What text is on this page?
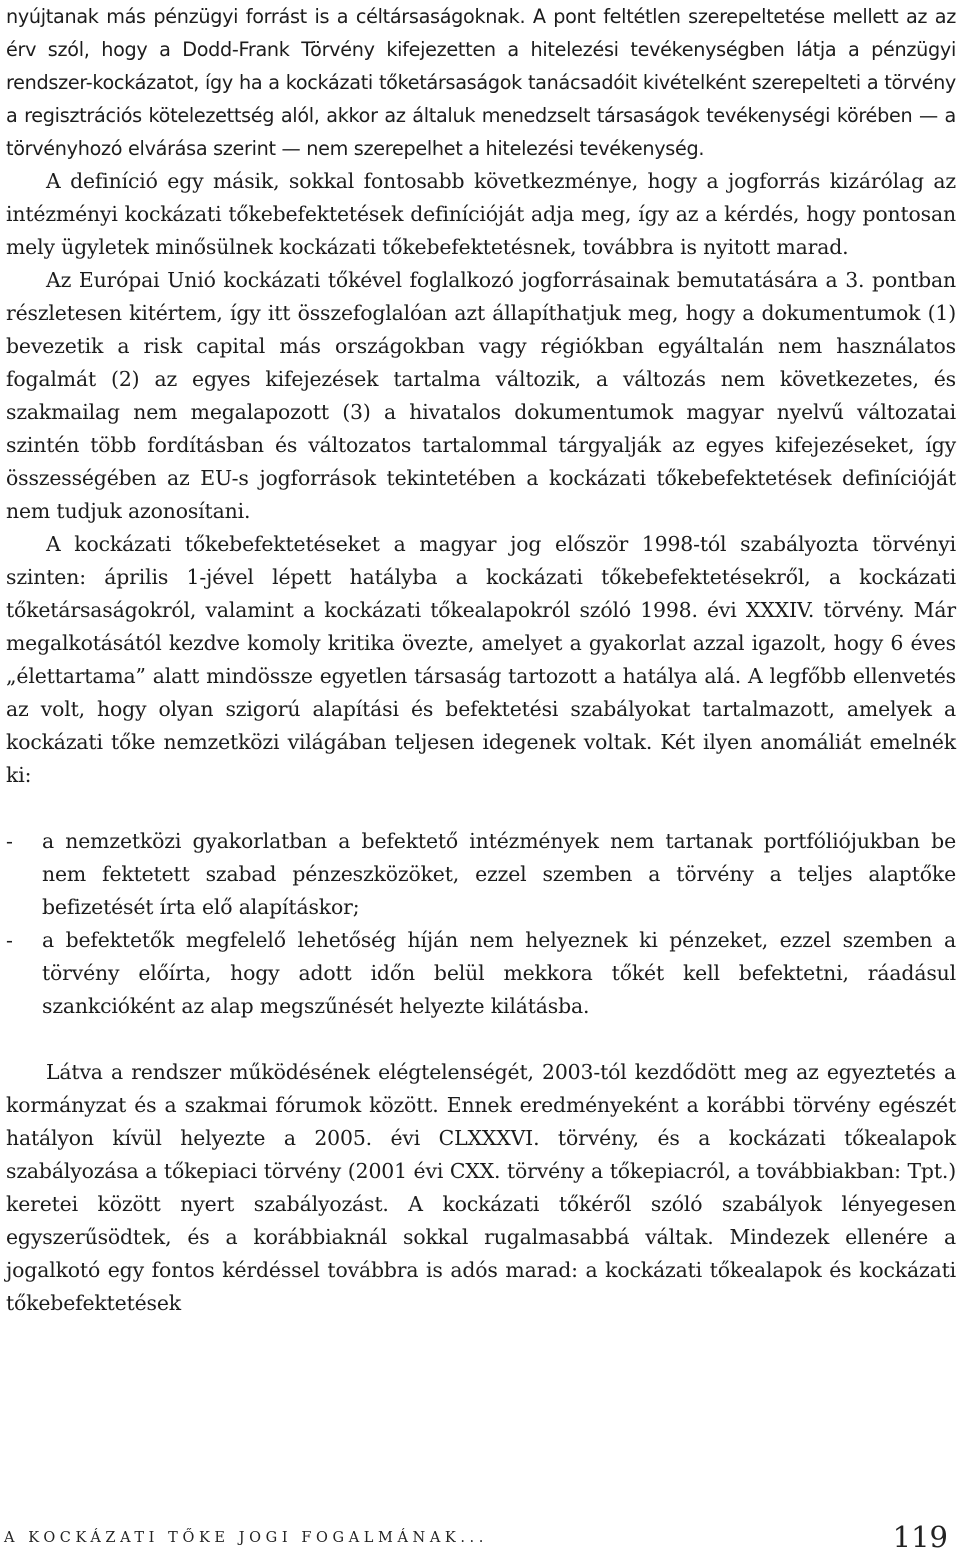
nyújtanak más pénzügyi forrást is a céltársaságoknak. A pont feltétlen szerepeltetése mellett az az érv szól, hogy a Dodd-Frank Törvény kifejezetten a hitelezési tevékenységben látja a pénzügyi rendszer-kockázatot, így ha a kockázati tőketársaságok tanácsadóit kivételként szerepelteti a törvény a regisztrációs kötelezettség alól, akkor az általuk menedzselt társaságok tevékenységi körében — a törvényhozó elvárása szerint — nem szerepelhet a hitelezési tevékenység.

A definíció egy másik, sokkal fontosabb következménye, hogy a jogforrás kizárólag az intézményi kockázati tőkebefektetések definícióját adja meg, így az a kérdés, hogy pontosan mely ügyletek minősülnek kockázati tőkebefektetésnek, továbbra is nyitott marad.

Az Európai Unió kockázati tőkével foglalkozó jogforrásainak bemutatására a 3. pontban részletesen kitértem, így itt összefoglalóan azt állapíthatjuk meg, hogy a dokumentumok (1) bevezetik a risk capital más országokban vagy régiókban egyáltalán nem használatos fogalmát (2) az egyes kifejezések tartalma változik, a változás nem következetes, és szakmailag nem megalapozott (3) a hivatalos dokumentumok magyar nyelvű változatai szintén több fordításban és változatos tartalommal tárgyalják az egyes kifejezéseket, így összességében az EU-s jogforrások tekintetében a kockázati tőkebefektetések definícióját nem tudjuk azonosítani.

A kockázati tőkebefektetéseket a magyar jog először 1998-tól szabályozta törvényi szinten: április 1-jével lépett hatályba a kockázati tőkebefektetésekről, a kockázati tőketársaságokról, valamint a kockázati tőkealapokról szóló 1998. évi XXXIV. törvény. Már megalkotásától kezdve komoly kritika övezte, amelyet a gyakorlat azzal igazolt, hogy 6 éves „élettartama” alatt mindössze egyetlen társaság tartozott a hatálya alá. A legfőbb ellenvetés az volt, hogy olyan szigorú alapítási és befektetési szabályokat tartalmazott, amelyek a kockázati tőke nemzetközi világában teljesen idegenek voltak. Két ilyen anomáliát emelnék ki:

- a nemzetközi gyakorlatban a befektető intézmények nem tartanak portfóliójukban be nem fektetett szabad pénzeszközöket, ezzel szemben a törvény a teljes alaptőke befizetését írta elő alapításkor;
- a befektetők megfelelő lehetőség híján nem helyeznek ki pénzeket, ezzel szemben a törvény előírta, hogy adott időn belül mekkora tőkét kell befektetni, ráadásul szankcióként az alap megszűnését helyezte kilátásba.

Látva a rendszer működésének elégtelenségét, 2003-tól kezdődött meg az egyeztetés a kormányzat és a szakmai fórumok között. Ennek eredményeként a korábbi törvény egészét hatályon kívül helyezte a 2005. évi CLXXXVI. törvény, és a kockázati tőkealapok szabályozása a tőkepiaci törvény (2001 évi CXX. törvény a tőkepiacról, a továbbiakban: Tpt.) keretei között nyert szabályozást. A kockázati tőkéről szóló szabályok lényegesen egyszerűsödtek, és a korábbiaknál sokkal rugalmasabbá váltak. Mindezek ellenére a jogalkotó egy fontos kérdéssel továbbra is adós marad: a kockázati tőkealapok és kockázati tőkebefektetések

A KOCKÁZATI TŐKE JOGI FOGALMÁNAK...	119
